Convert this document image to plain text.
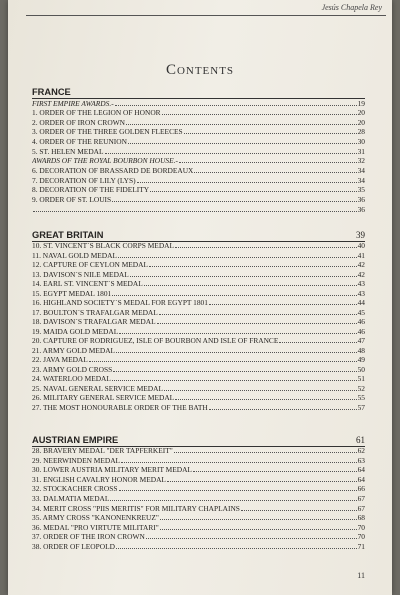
Jesús Chapela Rey
Contents
FRANCE
FIRST EMPIRE AWARDS.-	19
1. ORDER OF THE LEGION OF HONOR	20
2. ORDER OF IRON CROWN	20
3. ORDER OF THE THREE GOLDEN FLEECES	28
4. ORDER OF THE REUNION	30
5. ST. HELEN MEDAL	31
AWARDS OF THE ROYAL BOURBON HOUSE.-	32
6. DECORATION OF BRASSARD DE BORDEAUX	34
7. DECORATION OF LILY (LYS)	34
8. DECORATION OF THE FIDELITY	35
9. ORDER OF ST. LOUIS	36
36
GREAT BRITAIN	39
10. ST. VINCENT´S BLACK CORPS MEDAL	40
11. NAVAL GOLD MEDAL	41
12. CAPTURE OF CEYLON MEDAL	42
13. DAVISON´S NILE MEDAL	42
14. EARL ST. VINCENT´S MEDAL	43
15. EGYPT MEDAL 1801	43
16. HIGHLAND SOCIETY´S MEDAL FOR EGYPT 1801	44
17. BOULTON´S TRAFALGAR MEDAL	45
18. DAVISON´S TRAFALGAR MEDAL	46
19. MAIDA GOLD MEDAL	46
20. CAPTURE OF RODRIGUEZ, ISLE OF BOURBON AND ISLE OF FRANCE	47
21. ARMY GOLD MEDAL	48
22. JAVA MEDAL	49
23. ARMY GOLD CROSS	50
24. WATERLOO MEDAL	51
25. NAVAL GENERAL SERVICE MEDAL	52
26. MILITARY GENERAL SERVICE MEDAL	55
27. THE MOST HONOURABLE ORDER OF THE BATH	57
AUSTRIAN EMPIRE	61
28. BRAVERY MEDAL "DER TAPFERKEIT"	62
29. NEERWINDEN MEDAL	63
30. LOWER AUSTRIA MILITARY MERIT MEDAL	64
31. ENGLISH CAVALRY HONOR MEDAL	64
32. STOCKACHER CROSS	66
33. DALMATIA MEDAL	67
34. MERIT CROSS "PIIS MERITIS" FOR MILITARY CHAPLAINS	67
35. ARMY CROSS "KANONENKREUZ"	68
36. MEDAL "PRO VIRTUTE MILITARI"	70
37. ORDER OF THE IRON CROWN	70
38. ORDER OF LEOPOLD	71
11
